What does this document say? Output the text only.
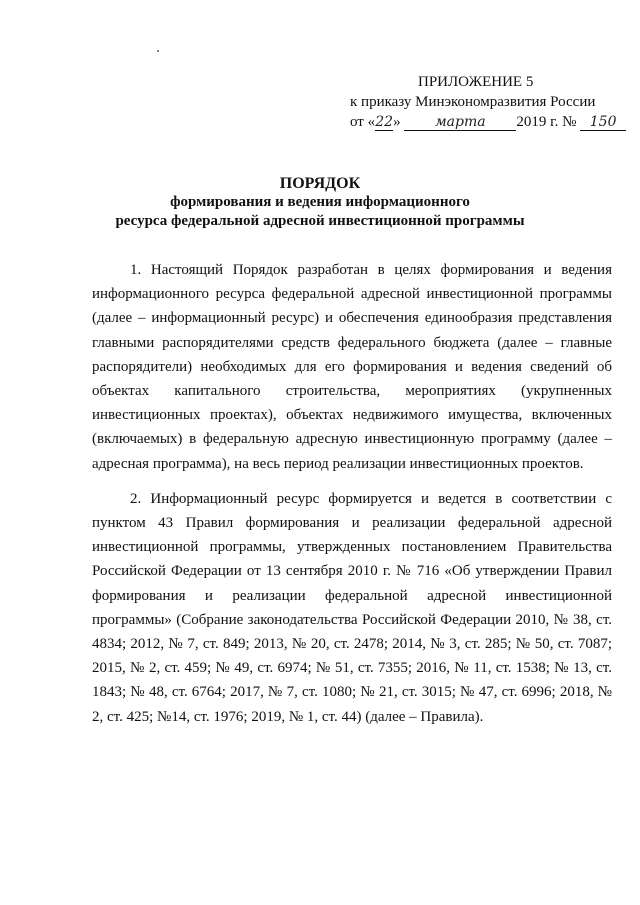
ПРИЛОЖЕНИЕ 5
к приказу Минэкономразвития России
от «22» марта 2019 г. № 150
ПОРЯДОК
формирования и ведения информационного
ресурса федеральной адресной инвестиционной программы

1. Настоящий Порядок разработан в целях формирования и ведения информационного ресурса федеральной адресной инвестиционной программы (далее – информационный ресурс) и обеспечения единообразия представления главными распорядителями средств федерального бюджета (далее – главные распорядители) необходимых для его формирования и ведения сведений об объектах капитального строительства, мероприятиях (укрупненных инвестиционных проектах), объектах недвижимого имущества, включенных (включаемых) в федеральную адресную инвестиционную программу (далее – адресная программа), на весь период реализации инвестиционных проектов.

2. Информационный ресурс формируется и ведется в соответствии с пунктом 43 Правил формирования и реализации федеральной адресной инвестиционной программы, утвержденных постановлением Правительства Российской Федерации от 13 сентября 2010 г. № 716 «Об утверждении Правил формирования и реализации федеральной адресной инвестиционной программы» (Собрание законодательства Российской Федерации 2010, № 38, ст. 4834; 2012, № 7, ст. 849; 2013, № 20, ст. 2478; 2014, № 3, ст. 285; № 50, ст. 7087; 2015, № 2, ст. 459; № 49, ст. 6974; № 51, ст. 7355; 2016, № 11, ст. 1538; № 13, ст. 1843; № 48, ст. 6764; 2017, № 7, ст. 1080; № 21, ст. 3015; № 47, ст. 6996; 2018, № 2, ст. 425; №14, ст. 1976; 2019, № 1, ст. 44) (далее – Правила).
